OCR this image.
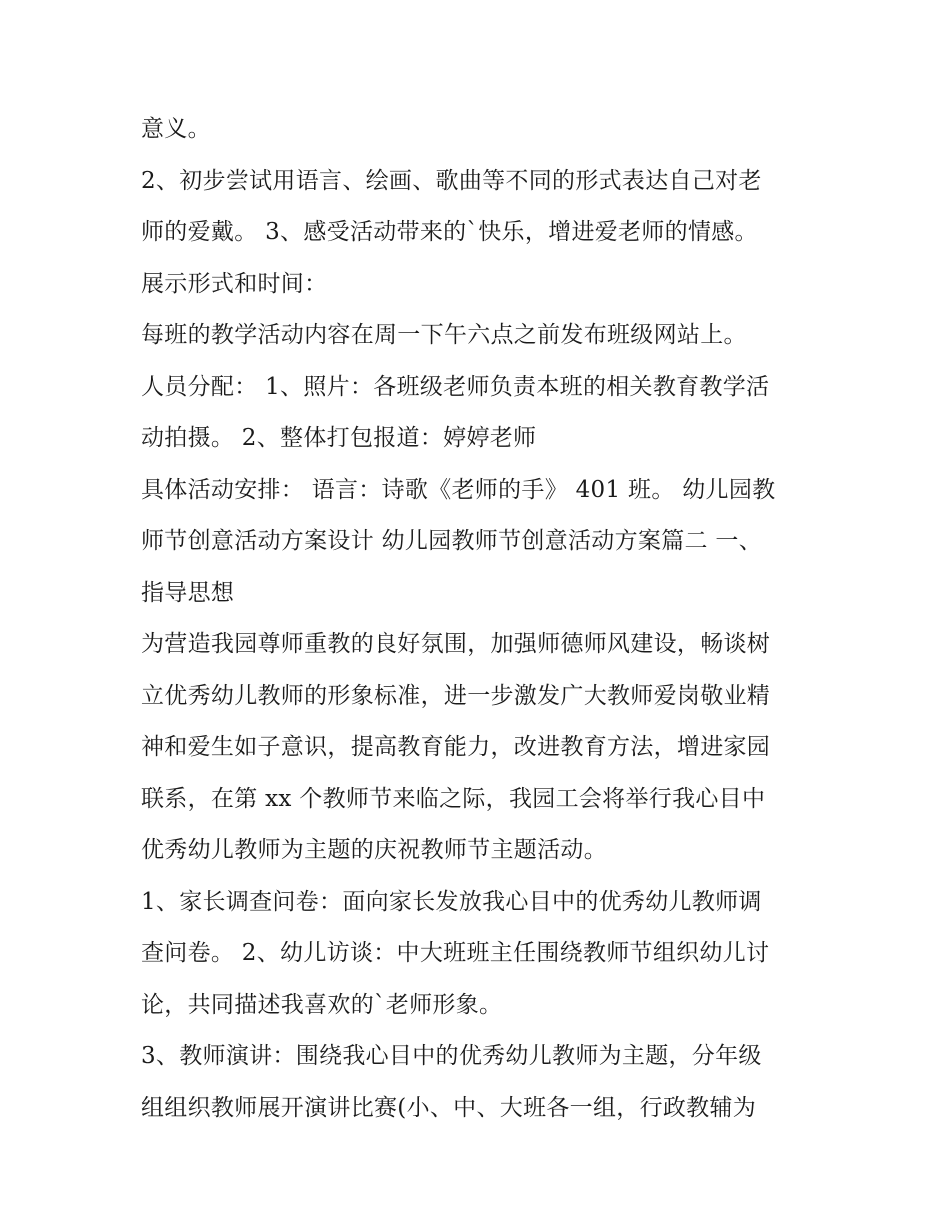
意义。
2、初步尝试用语言、绘画、歌曲等不同的形式表达自己对老
师的爱戴。 3、感受活动带来的`快乐，增进爱老师的情感。
展示形式和时间：
每班的教学活动内容在周一下午六点之前发布班级网站上。
人员分配： 1、照片：各班级老师负责本班的相关教育教学活
动拍摄。 2、整体打包报道：婷婷老师
具体活动安排： 语言：诗歌《老师的手》 401 班。 幼儿园教
师节创意活动方案设计 幼儿园教师节创意活动方案篇二 一、
指导思想
为营造我园尊师重教的良好氛围，加强师德师风建设，畅谈树
立优秀幼儿教师的形象标准，进一步激发广大教师爱岗敬业精
神和爱生如子意识，提高教育能力，改进教育方法，增进家园
联系，在第 xx 个教师节来临之际，我园工会将举行我心目中
优秀幼儿教师为主题的庆祝教师节主题活动。
1、家长调查问卷：面向家长发放我心目中的优秀幼儿教师调
查问卷。 2、幼儿访谈：中大班班主任围绕教师节组织幼儿讨
论，共同描述我喜欢的`老师形象。
3、教师演讲：围绕我心目中的优秀幼儿教师为主题，分年级
组组织教师展开演讲比赛(小、中、大班各一组，行政教辅为
